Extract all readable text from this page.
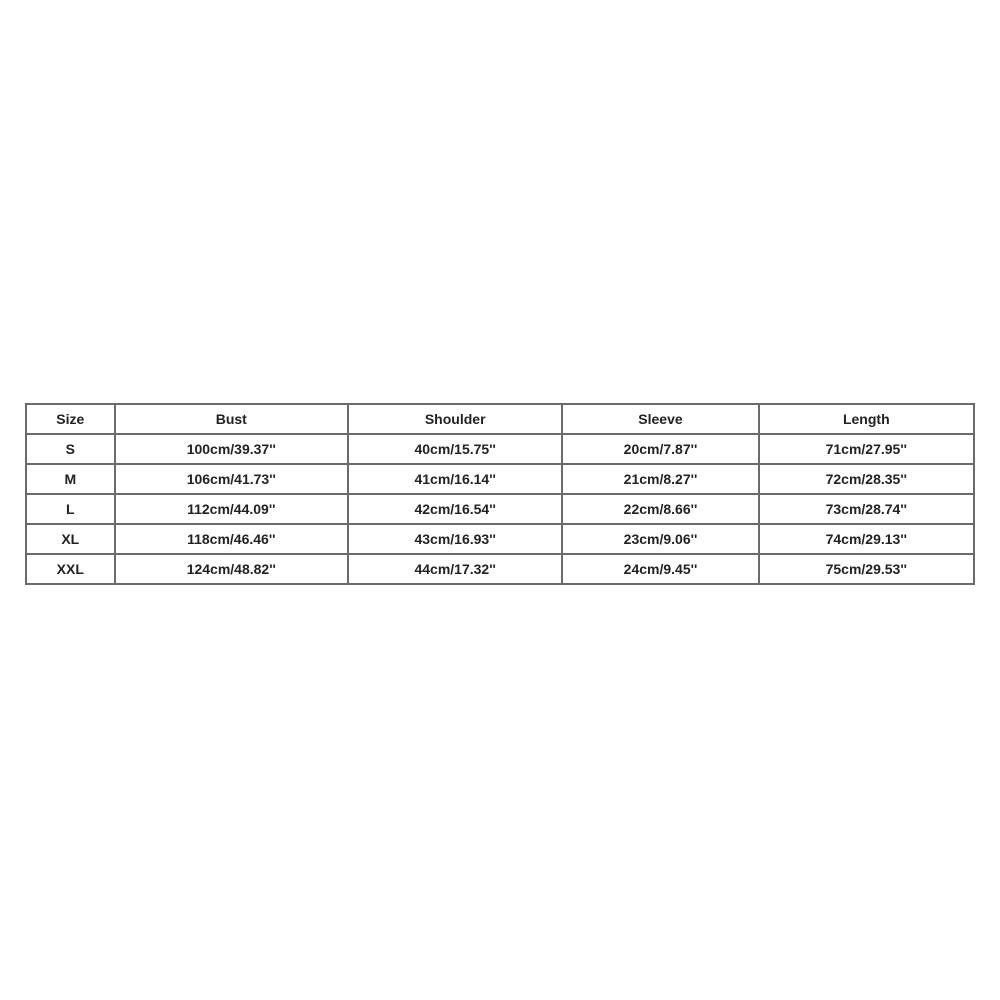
Size	Bust	Shoulder	Sleeve	Length
S	100cm/39.37''	40cm/15.75''	20cm/7.87''	71cm/27.95''
M	106cm/41.73''	41cm/16.14''	21cm/8.27''	72cm/28.35''
L	112cm/44.09''	42cm/16.54''	22cm/8.66''	73cm/28.74''
XL	118cm/46.46''	43cm/16.93''	23cm/9.06''	74cm/29.13''
XXL	124cm/48.82''	44cm/17.32''	24cm/9.45''	75cm/29.53''
